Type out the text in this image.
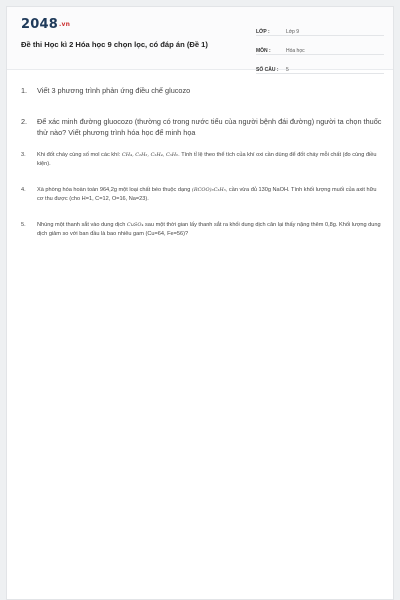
2048.vn
Đề thi Học kì 2 Hóa học 9 chọn lọc, có đáp án (Đề 1)
LỚP :	Lớp 9
MÔN :	Hóa học
SỐ CÂU :	5
1.	Viết 3 phương trình phản ứng điều chế glucozo
2.	Để xác minh đường gluocozo (thường có trong nước tiểu của người bệnh đái đường) người ta chọn thuốc thử nào? Viết phương trình hóa học để minh họa
3.	Khi đốt cháy cùng số mol các khí: CH₄, C₂H₂, C₂H₄, C₆H₆. Tính tỉ lệ theo thể tích của khí oxi cần dùng để đốt cháy mỗi chất (đo cùng điều kiện).
4.	Xà phòng hóa hoàn toàn 964,2g một loại chất béo thuộc dạng (RCOO)₃C₃H₅, cần vừa đủ 130g NaOH. Tính khối lượng muối của axit hữu cơ thu được (cho H=1, C=12, O=16, Na=23).
5.	Nhúng một thanh sắt vào dung dịch CuSO₄ sau một thời gian lấy thanh sắt ra khối dung dịch cân lại thấy nặng thêm 0,8g. Khối lượng dung dịch giảm so với ban đầu là bao nhiêu gam (Cu=64, Fe=56)?
